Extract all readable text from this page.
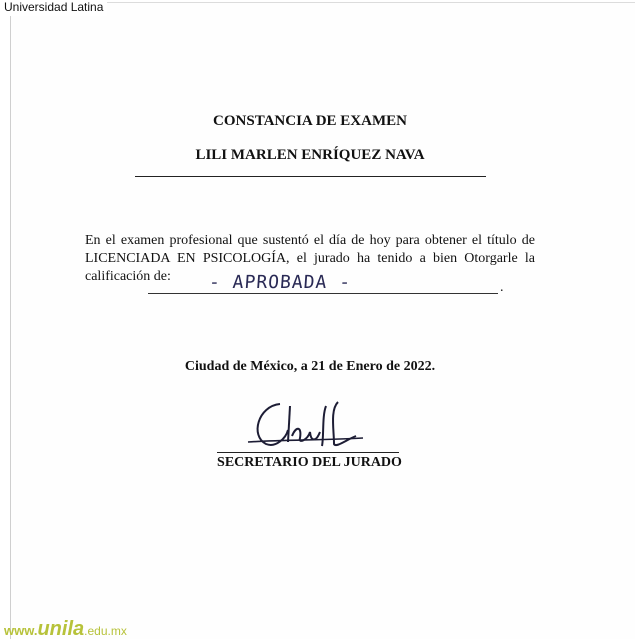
Universidad Latina
CONSTANCIA DE EXAMEN
LILI MARLEN ENRÍQUEZ NAVA
En el examen profesional que sustentó el día de hoy para obtener el título de LICENCIADA EN PSICOLOGÍA, el jurado ha tenido a bien Otorgarle la calificación de:	- APROBADA -	.
Ciudad de México, a 21 de Enero de 2022.
SECRETARIO DEL JURADO
www.unila.edu.mx
